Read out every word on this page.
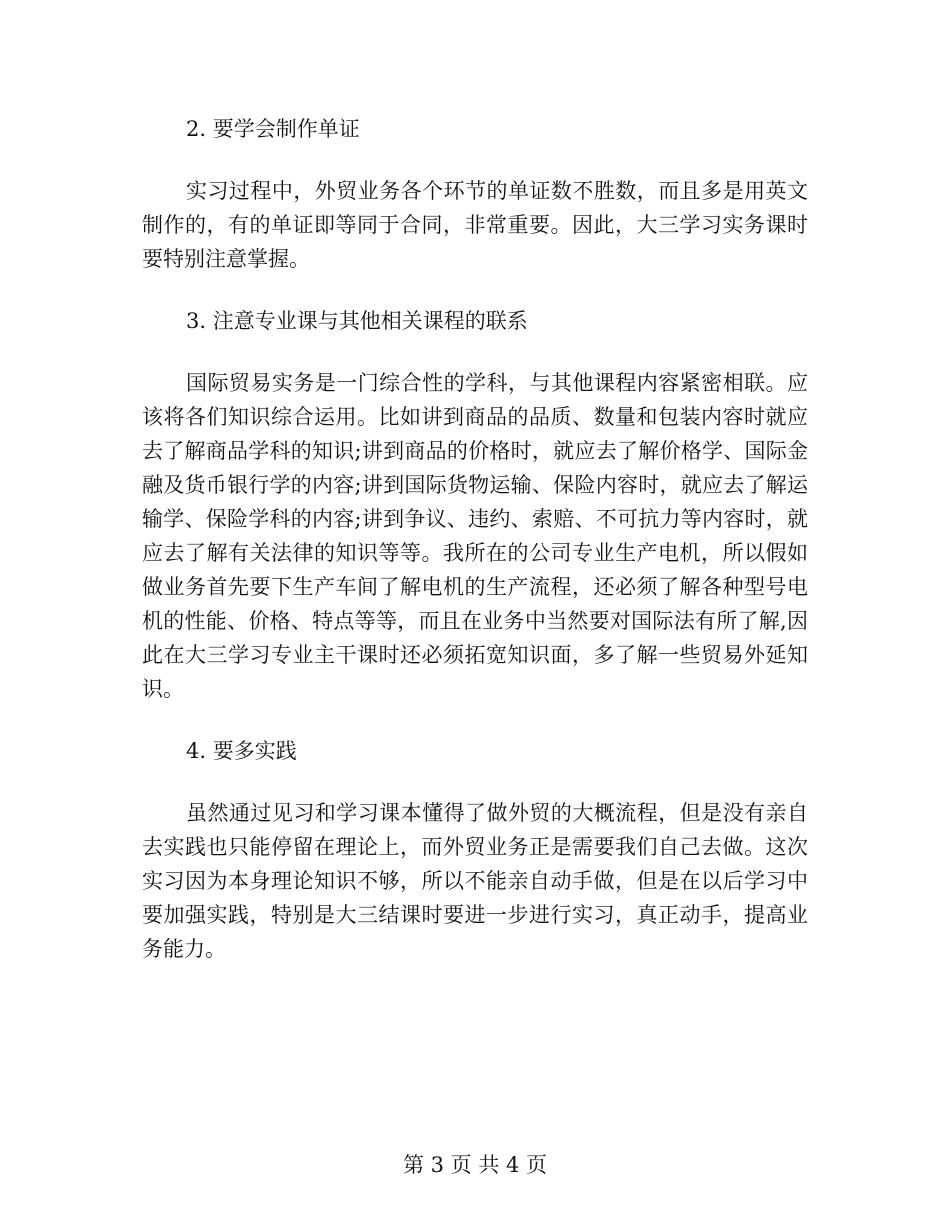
2. 要学会制作单证

实习过程中，外贸业务各个环节的单证数不胜数，而且多是用英文制作的，有的单证即等同于合同，非常重要。因此，大三学习实务课时要特别注意掌握。

3. 注意专业课与其他相关课程的联系

国际贸易实务是一门综合性的学科，与其他课程内容紧密相联。应该将各们知识综合运用。比如讲到商品的品质、数量和包装内容时就应去了解商品学科的知识;讲到商品的价格时，就应去了解价格学、国际金融及货币银行学的内容;讲到国际货物运输、保险内容时，就应去了解运输学、保险学科的内容;讲到争议、违约、索赔、不可抗力等内容时，就应去了解有关法律的知识等等。我所在的公司专业生产电机，所以假如做业务首先要下生产车间了解电机的生产流程，还必须了解各种型号电机的性能、价格、特点等等，而且在业务中当然要对国际法有所了解,因此在大三学习专业主干课时还必须拓宽知识面，多了解一些贸易外延知识。

4. 要多实践

虽然通过见习和学习课本懂得了做外贸的大概流程，但是没有亲自去实践也只能停留在理论上，而外贸业务正是需要我们自己去做。这次实习因为本身理论知识不够，所以不能亲自动手做，但是在以后学习中要加强实践，特别是大三结课时要进一步进行实习，真正动手，提高业务能力。

第 3 页 共 4 页
